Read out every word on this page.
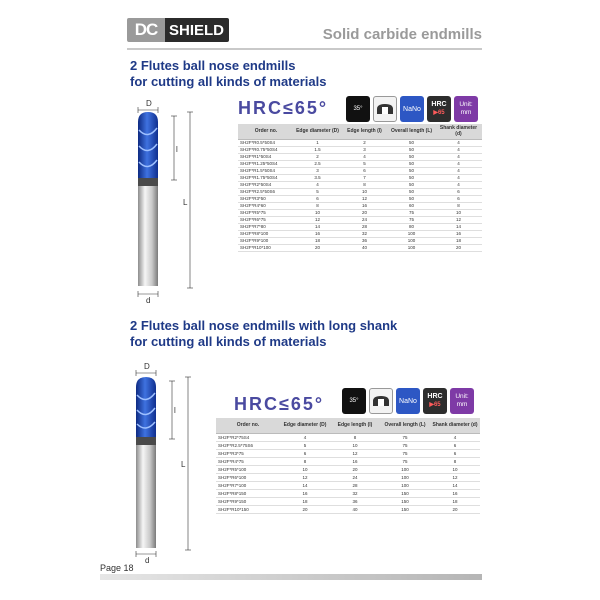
DC SHIELD	Solid carbide endmills
2 Flutes ball nose endmills
for cutting all kinds of materials
HRC≤65°	35°	NaNo
HRC
▶65
Unit:
mm
D
l
L
d
Order no.	Edge diameter (D)	Edge length (l)	Overall length (L)	Shank diameter (d)
SH2F*R0.5*50S4	1	2	50	4
SH2F*R0.75*50S4	1.5	3	50	4
SH2F*R1*50S4	2	4	50	4
SH2F*R1.25*50S4	2.5	5	50	4
SH2F*R1.5*50S4	3	6	50	4
SH2F*R1.75*50S4	3.5	7	50	4
SH2F*R2*50S4	4	8	50	4
SH2F*R2.5*50S6	5	10	50	6
SH2F*R3*50	6	12	50	6
SH2F*R4*60	8	16	60	8
SH2F*R5*75	10	20	75	10
SH2F*R6*75	12	24	75	12
SH2F*R7*80	14	28	80	14
SH2F*R8*100	16	32	100	16
SH2F*R9*100	18	36	100	18
SH2F*R10*100	20	40	100	20
2 Flutes ball nose endmills with long shank
for cutting all kinds of materials
HRC≤65°	35°	NaNo
HRC
▶65
Unit:
mm
D
l
L
d
Order no.	Edge diameter (D)	Edge length (l)	Overall length (L)	Shank diameter (d)
SH2F*R2*75S4	4	8	75	4
SH2F*R2.5*75S6	5	10	75	6
SH2F*R3*75	6	12	75	6
SH2F*R4*75	8	16	75	8
SH2F*R5*100	10	20	100	10
SH2F*R6*100	12	24	100	12
SH2F*R7*100	14	28	100	14
SH2F*R8*150	16	32	150	16
SH2F*R9*150	18	36	150	18
SH2F*R10*150	20	40	150	20
Page 18
